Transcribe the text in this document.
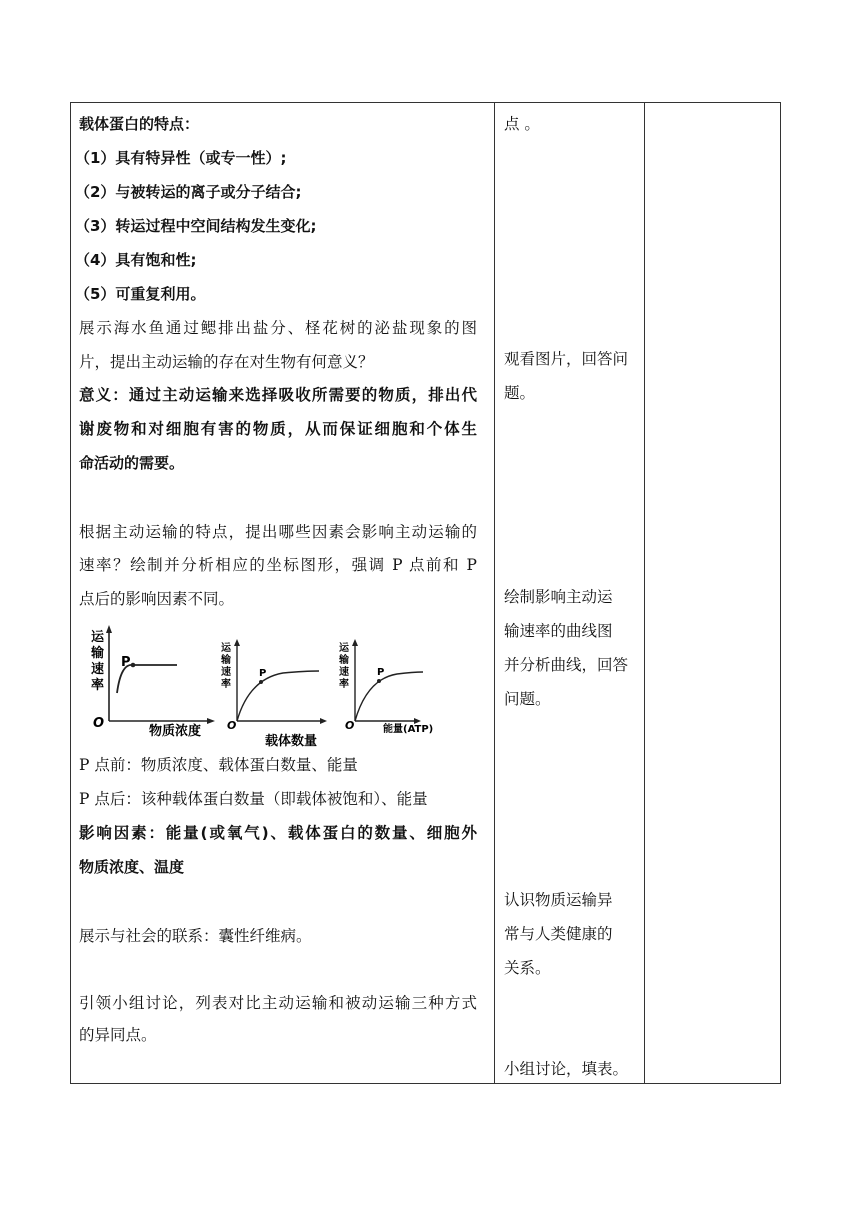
载体蛋白的特点：
（1）具有特异性（或专一性）;
（2）与被转运的离子或分子结合;
（3）转运过程中空间结构发生变化;
（4）具有饱和性;
（5）可重复利用。
展示海水鱼通过鳃排出盐分、柽花树的泌盐现象的图
片，提出主动运输的存在对生物有何意义？
意义：通过主动运输来选择吸收所需要的物质，排出代
谢废物和对细胞有害的物质，从而保证细胞和个体生
命活动的需要。
根据主动运输的特点，提出哪些因素会影响主动运输的
速率？绘制并分析相应的坐标图形，强调 P 点前和 P
点后的影响因素不同。
运
输
速
率
P
O
物质浓度
运
输
速
率
P
O
载体数量
运
输
速
率
P
O	能量(ATP)
P 点前：物质浓度、载体蛋白数量、能量
P 点后：该种载体蛋白数量（即载体被饱和）、能量
影响因素：能量(或氧气)、载体蛋白的数量、细胞外
物质浓度、温度
展示与社会的联系：囊性纤维病。
引领小组讨论，列表对比主动运输和被动运输三种方式
的异同点。
点 。
观看图片，回答问
题。
绘制影响主动运
输速率的曲线图
并分析曲线，回答
问题。
认识物质运输异
常与人类健康的
关系。
小组讨论，填表。
